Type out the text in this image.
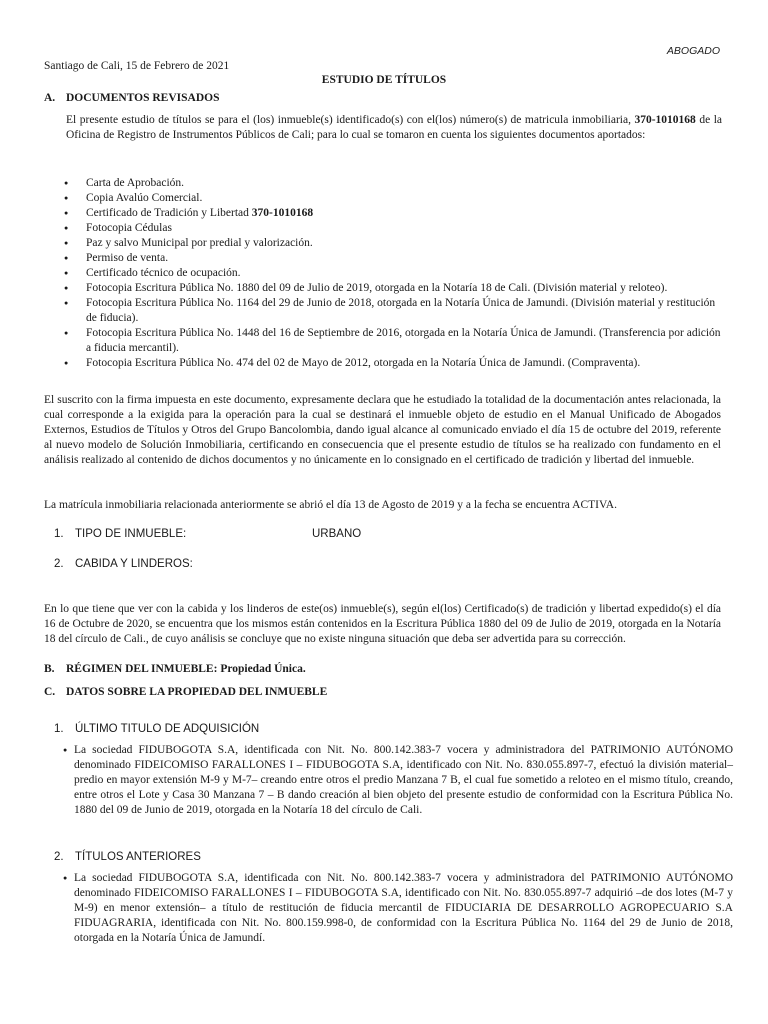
ABOGADO
Santiago de Cali, 15 de Febrero de 2021
ESTUDIO DE TÍTULOS
A. DOCUMENTOS REVISADOS
El presente estudio de títulos se para el (los) inmueble(s) identificado(s) con el(los) número(s) de matricula inmobiliaria, 370-1010168 de la Oficina de Registro de Instrumentos Públicos de Cali; para lo cual se tomaron en cuenta los siguientes documentos aportados:
● Carta de Aprobación.
● Copia Avalúo Comercial.
● Certificado de Tradición y Libertad 370-1010168
● Fotocopia Cédulas
● Paz y salvo Municipal por predial y valorización.
● Permiso de venta.
● Certificado técnico de ocupación.
● Fotocopia Escritura Pública No. 1880 del 09 de Julio de 2019, otorgada en la Notaría 18 de Cali. (División material y reloteo).
● Fotocopia Escritura Pública No. 1164 del 29 de Junio de 2018, otorgada en la Notaría Única de Jamundi. (División material y restitución de fiducia).
● Fotocopia Escritura Pública No. 1448 del 16 de Septiembre de 2016, otorgada en la Notaría Única de Jamundi. (Transferencia por adición a fiducia mercantil).
● Fotocopia Escritura Pública No. 474 del 02 de Mayo de 2012, otorgada en la Notaría Única de Jamundi. (Compraventa).
El suscrito con la firma impuesta en este documento, expresamente declara que he estudiado la totalidad de la documentación antes relacionada, la cual corresponde a la exigida para la operación para la cual se destinará el inmueble objeto de estudio en el Manual Unificado de Abogados Externos, Estudios de Títulos y Otros del Grupo Bancolombia, dando igual alcance al comunicado enviado el día 15 de octubre del 2019, referente al nuevo modelo de Solución Inmobiliaria, certificando en consecuencia que el presente estudio de títulos se ha realizado con fundamento en el análisis realizado al contenido de dichos documentos y no únicamente en lo consignado en el certificado de tradición y libertad del inmueble.
La matrícula inmobiliaria relacionada anteriormente se abrió el día 13 de Agosto de 2019 y a la fecha se encuentra ACTIVA.
1. TIPO DE INMUEBLE:	URBANO
2. CABIDA Y LINDEROS:
En lo que tiene que ver con la cabida y los linderos de este(os) inmueble(s), según el(los) Certificado(s) de tradición y libertad expedido(s) el día 16 de Octubre de 2020, se encuentra que los mismos están contenidos en la Escritura Pública 1880 del 09 de Julio de 2019, otorgada en la Notaría 18 del círculo de Cali., de cuyo análisis se concluye que no existe ninguna situación que deba ser advertida para su corrección.
B. RÉGIMEN DEL INMUEBLE: Propiedad Única.
C. DATOS SOBRE LA PROPIEDAD DEL INMUEBLE
1. ÚLTIMO TITULO DE ADQUISICIÓN
● La sociedad FIDUBOGOTA S.A, identificada con Nit. No. 800.142.383-7 vocera y administradora del PATRIMONIO AUTÓNOMO denominado FIDEICOMISO FARALLONES I – FIDUBOGOTA S.A, identificado con Nit. No. 830.055.897-7, efectuó la división material–predio en mayor extensión M-9 y M-7– creando entre otros el predio Manzana 7 B, el cual fue sometido a reloteo en el mismo título, creando, entre otros el Lote y Casa 30 Manzana 7 – B dando creación al bien objeto del presente estudio de conformidad con la Escritura Pública No. 1880 del 09 de Junio de 2019, otorgada en la Notaría 18 del círculo de Cali.
2. TÍTULOS ANTERIORES
● La sociedad FIDUBOGOTA S.A, identificada con Nit. No. 800.142.383-7 vocera y administradora del PATRIMONIO AUTÓNOMO denominado FIDEICOMISO FARALLONES I – FIDUBOGOTA S.A, identificado con Nit. No. 830.055.897-7 adquirió –de dos lotes (M-7 y M-9) en menor extensión– a título de restitución de fiducia mercantil de FIDUCIARIA DE DESARROLLO AGROPECUARIO S.A FIDUAGRARIA, identificada con Nit. No. 800.159.998-0, de conformidad con la Escritura Pública No. 1164 del 29 de Junio de 2018, otorgada en la Notaría Única de Jamundí.
